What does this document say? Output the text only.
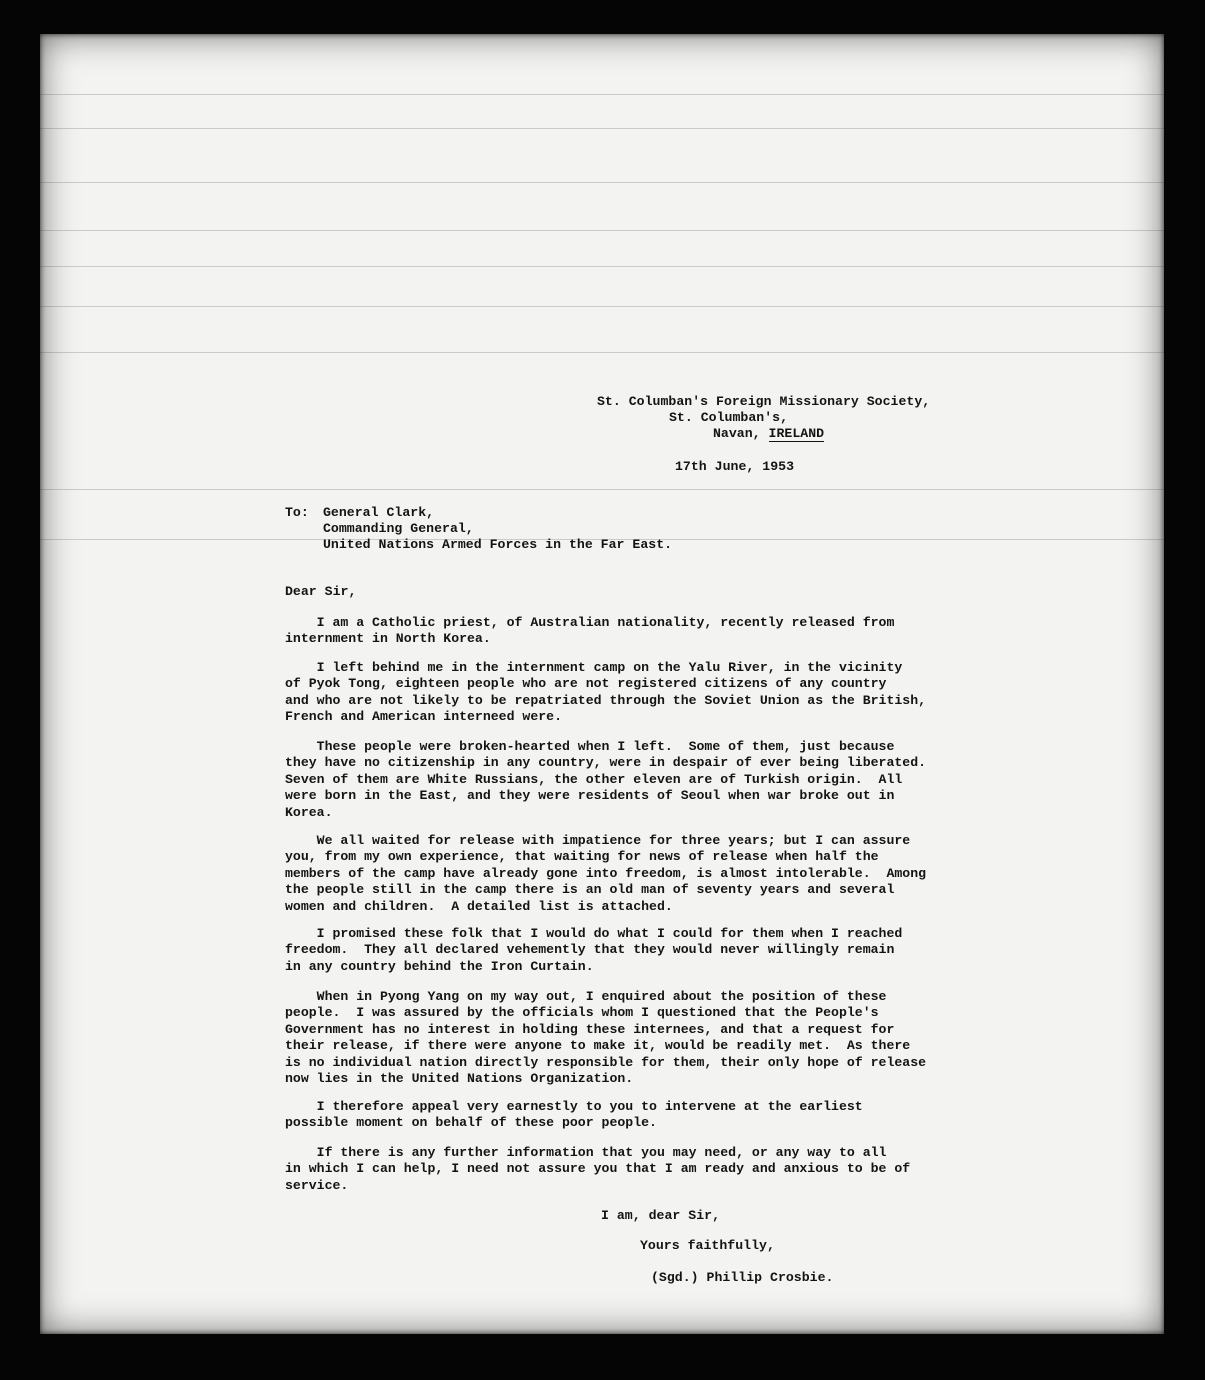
St. Columban's Foreign Missionary Society,
St. Columban's,
Navan, IRELAND
17th June, 1953
To: General Clark,
Commanding General,
United Nations Armed Forces in the Far East.
Dear Sir,
I am a Catholic priest, of Australian nationality, recently released from
internment in North Korea.
I left behind me in the internment camp on the Yalu River, in the vicinity
of Pyok Tong, eighteen people who are not registered citizens of any country
and who are not likely to be repatriated through the Soviet Union as the British,
French and American interneed were.
These people were broken-hearted when I left.  Some of them, just because
they have no citizenship in any country, were in despair of ever being liberated.
Seven of them are White Russians, the other eleven are of Turkish origin.  All
were born in the East, and they were residents of Seoul when war broke out in
Korea.
We all waited for release with impatience for three years; but I can assure
you, from my own experience, that waiting for news of release when half the
members of the camp have already gone into freedom, is almost intolerable.  Among
the people still in the camp there is an old man of seventy years and several
women and children.  A detailed list is attached.
I promised these folk that I would do what I could for them when I reached
freedom.  They all declared vehemently that they would never willingly remain
in any country behind the Iron Curtain.
When in Pyong Yang on my way out, I enquired about the position of these
people.  I was assured by the officials whom I questioned that the People's
Government has no interest in holding these internees, and that a request for
their release, if there were anyone to make it, would be readily met.  As there
is no individual nation directly responsible for them, their only hope of release
now lies in the United Nations Organization.
I therefore appeal very earnestly to you to intervene at the earliest
possible moment on behalf of these poor people.
If there is any further information that you may need, or any way to all
in which I can help, I need not assure you that I am ready and anxious to be of
service.
I am, dear Sir,
Yours faithfully,
(Sgd.) Phillip Crosbie.
